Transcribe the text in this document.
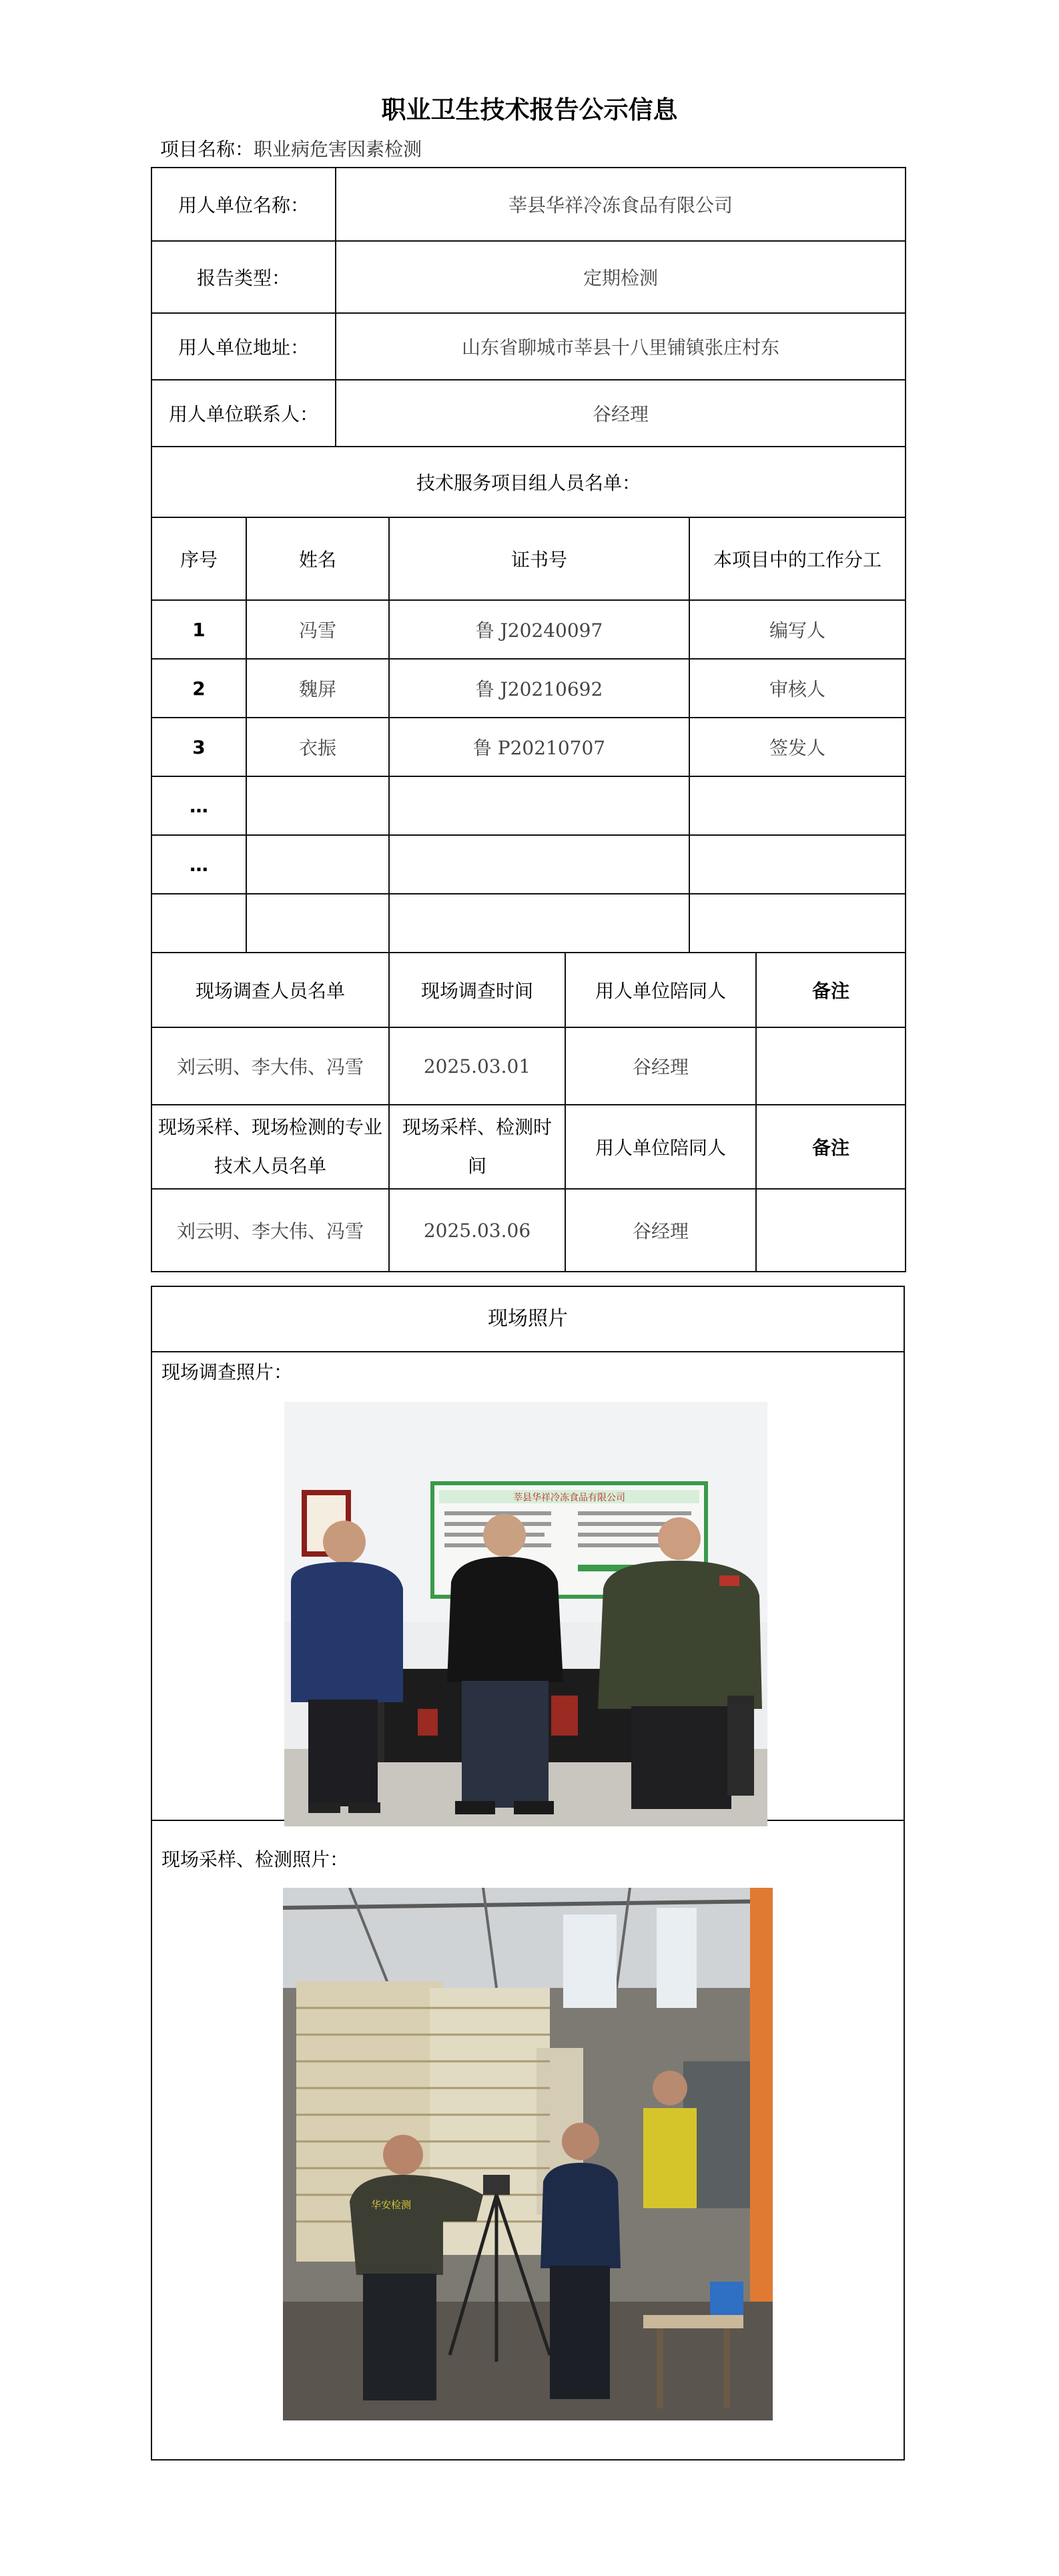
职业卫生技术报告公示信息
项目名称：职业病危害因素检测
用人单位名称：	莘县华祥冷冻食品有限公司
报告类型：	定期检测
用人单位地址：	山东省聊城市莘县十八里铺镇张庄村东
用人单位联系人：	谷经理
技术服务项目组人员名单：			
序号	姓名	证书号	本项目中的工作分工
1	冯雪	鲁 J20240097	编写人
2	魏屏	鲁 J20210692	审核人
3	衣振	鲁 P20210707	签发人
…			
…			

现场调查人员名单	现场调查时间	用人单位陪同人	备注
刘云明、李大伟、冯雪	2025.03.01	谷经理	
现场采样、现场检测的专业技术人员名单	现场采样、检测时间	用人单位陪同人	备注
刘云明、李大伟、冯雪	2025.03.06	谷经理	
现场照片
现场调查照片：
莘县华祥冷冻食品有限公司
现场采样、检测照片：
华安检测
